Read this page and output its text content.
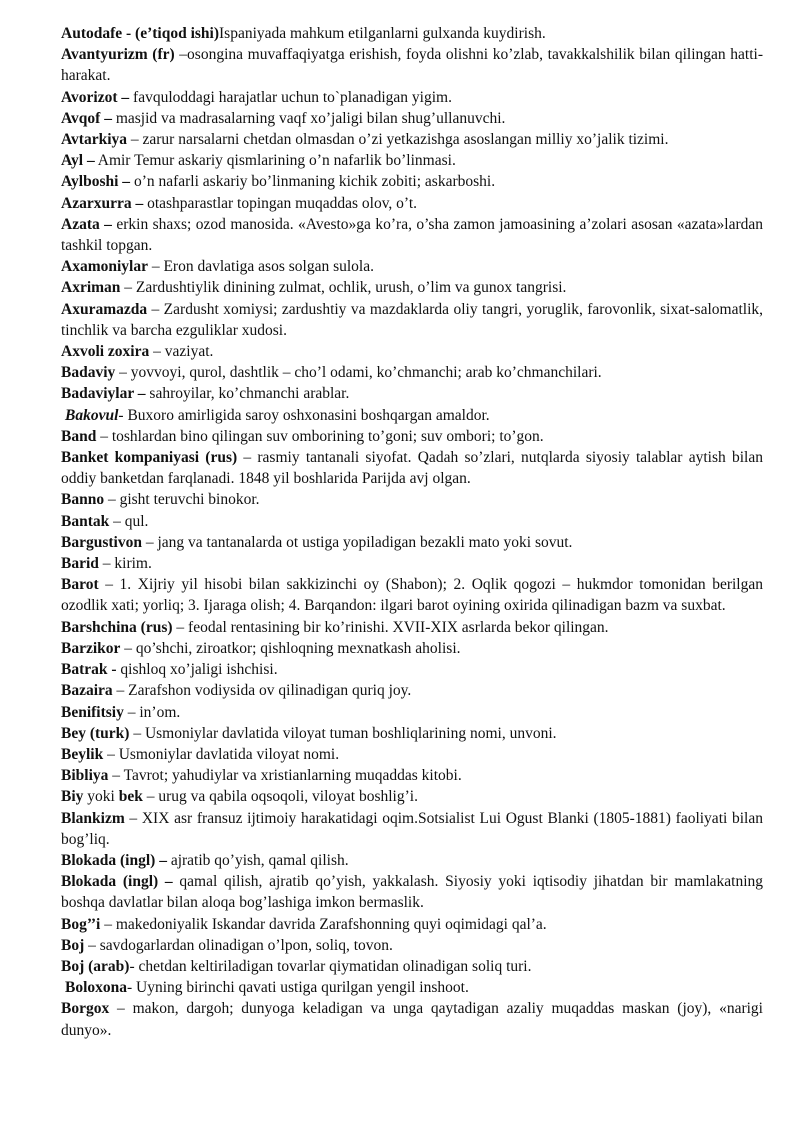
Autodafe - (e’tiqod ishi)Ispaniyada mahkum etilganlarni gulxanda kuydirish.

Avantyurizm (fr) –osongina muvaffaqiyatga erishish, foyda olishni ko’zlab, tavakkalshilik bilan qilingan hatti-harakat.

Avorizot – favquloddagi harajatlar uchun to`planadigan yigim.

Avqof – masjid va madrasalarning vaqf xo’jaligi bilan shug’ullanuvchi.

Avtarkiya – zarur narsalarni chetdan olmasdan o’zi yetkazishga asoslangan milliy xo’jalik tizimi.

Ayl – Amir Temur askariy qismlarining o’n nafarlik bo’linmasi.

Aylboshi – o’n nafarli askariy bo’linmaning kichik zobiti; askarboshi.

Azarxurra – otashparastlar topingan muqaddas olov, o’t.

Azata – erkin shaxs; ozod manosida. «Avesto»ga ko’ra, o’sha zamon jamoasining a’zolari asosan «azata»lardan tashkil topgan.

Axamoniylar – Eron davlatiga asos solgan sulola.

Axriman – Zardushtiylik dinining zulmat, ochlik, urush, o’lim va gunox tangrisi.

Axuramazda – Zardusht xomiysi; zardushtiy va mazdaklarda oliy tangri, yoruglik, farovonlik, sixat-salomatlik, tinchlik va barcha ezguliklar xudosi.

Axvoli zoxira – vaziyat.

Badaviy – yovvoyi, qurol, dashtlik – cho’l odami, ko’chmanchi; arab ko’chmanchilari.

Badaviylar – sahroyilar, ko’chmanchi arablar.

Bakovul- Buxoro amirligida saroy oshxonasini boshqargan amaldor.

Band – toshlardan bino qilingan suv omborining to’goni; suv ombori; to’gon.

Banket kompaniyasi (rus) – rasmiy tantanali siyofat. Qadah so’zlari, nutqlarda siyosiy talablar aytish bilan oddiy banketdan farqlanadi. 1848 yil boshlarida Parijda avj olgan.

Banno – gisht teruvchi binokor.

Bantak – qul.

Bargustivon – jang va tantanalarda ot ustiga yopiladigan bezakli mato yoki sovut.

Barid – kirim.

Barot – 1. Xijriy yil hisobi bilan sakkizinchi oy (Shabon); 2. Oqlik qogozi – hukmdor tomonidan berilgan ozodlik xati; yorliq; 3. Ijaraga olish; 4. Barqandon: ilgari barot oyining oxirida qilinadigan bazm va suxbat.

Barshchina (rus) – feodal rentasining bir ko’rinishi. XVII-XIX asrlarda bekor qilingan.

Barzikor – qo’shchi, ziroatkor; qishloqning mexnatkash aholisi.

Batrak - qishloq xo’jaligi ishchisi.

Bazaira – Zarafshon vodiysida ov qilinadigan quriq joy.

Benifitsiy – in’om.

Bey (turk) – Usmoniylar davlatida viloyat tuman boshliqlarining nomi, unvoni.

Beylik – Usmoniylar davlatida viloyat nomi.

Bibliya – Tavrot; yahudiylar va xristianlarning muqaddas kitobi.

Biy yoki bek – urug va qabila oqsoqoli, viloyat boshlig’i.

Blankizm – XIX asr fransuz ijtimoiy harakatidagi oqim.Sotsialist Lui Ogust Blanki (1805-1881) faoliyati bilan bog’liq.

Blokada (ingl) – ajratib qo’yish, qamal qilish.

Blokada (ingl) – qamal qilish, ajratib qo’yish, yakkalash. Siyosiy yoki iqtisodiy jihatdan bir mamlakatning boshqa davlatlar bilan aloqa bog’lashiga imkon bermaslik.

Bog’’i – makedoniyalik Iskandar davrida Zarafshonning quyi oqimidagi qal’a.

Boj – savdogarlardan olinadigan o’lpon, soliq, tovon.

Boj (arab)- chetdan keltiriladigan tovarlar qiymatidan olinadigan soliq turi.

Boloxona- Uyning birinchi qavati ustiga qurilgan yengil inshoot.

Borgox – makon, dargoh; dunyoga keladigan va unga qaytadigan azaliy muqaddas maskan (joy), «narigi dunyo».
